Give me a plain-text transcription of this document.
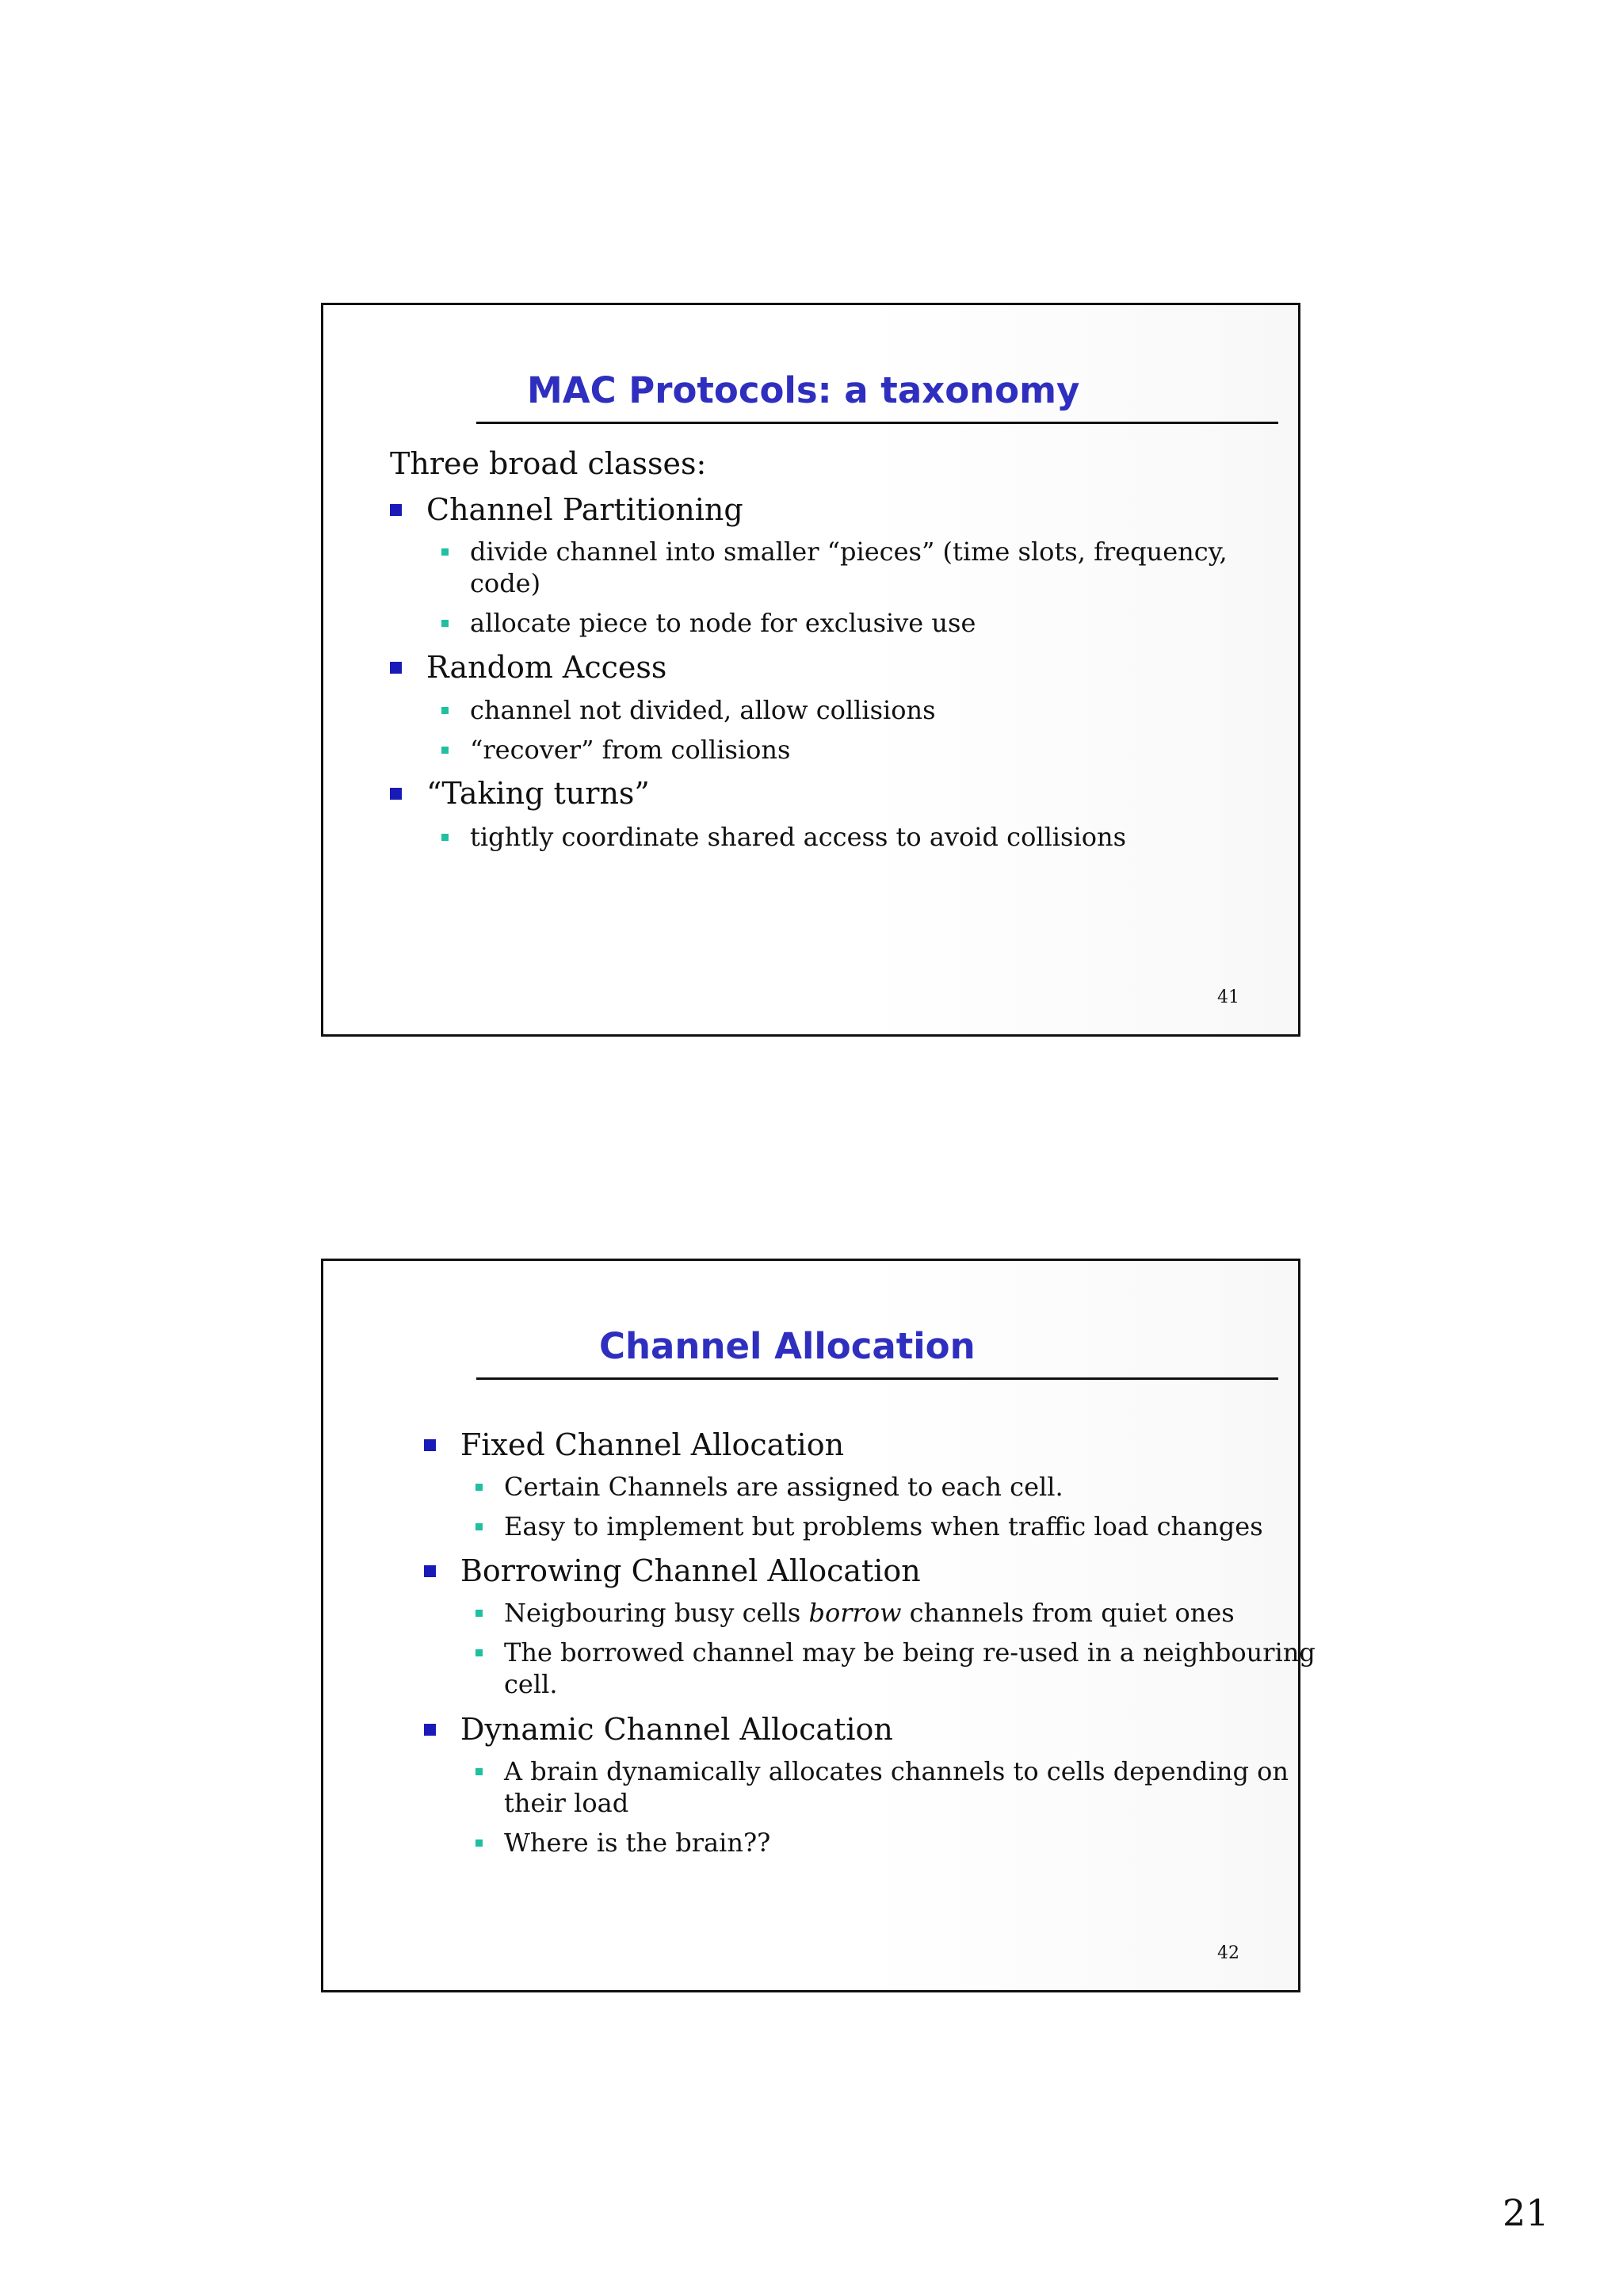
MAC Protocols: a taxonomy
Three broad classes:
Channel Partitioning
divide channel into smaller “pieces” (time slots, frequency,
code)
allocate piece to node for exclusive use
Random Access
channel not divided, allow collisions
“recover” from collisions
“Taking turns”
tightly coordinate shared access to avoid collisions
41
Channel Allocation
Fixed Channel Allocation
Certain Channels are assigned to each cell.
Easy to implement but problems when traffic load changes
Borrowing Channel Allocation
Neigbouring busy cells borrow channels from quiet ones
The borrowed channel may be being re-used in a neighbouring
cell.
Dynamic Channel Allocation
A brain dynamically allocates channels to cells depending on
their load
Where is the brain??
42
21
